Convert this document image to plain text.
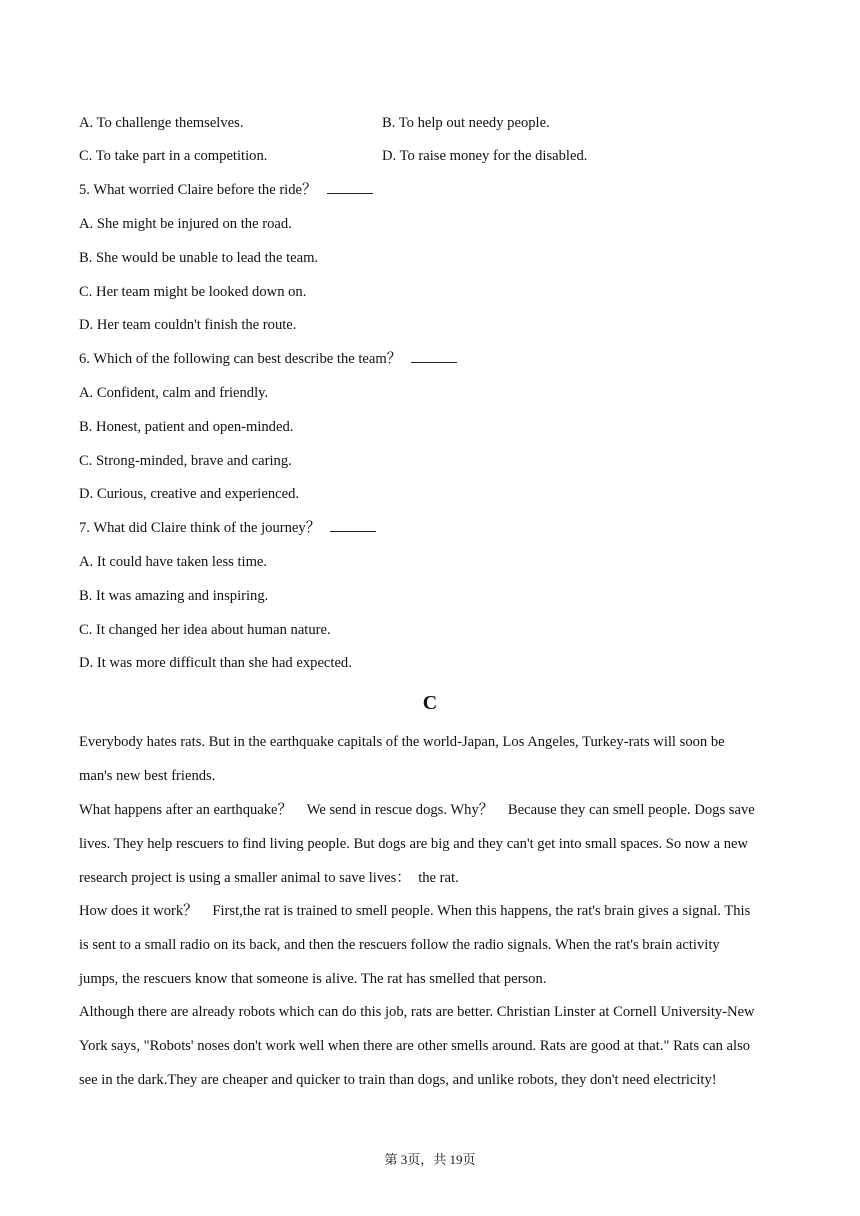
A. To challenge themselves.	B. To help out needy people.
C. To take part in a competition.	D. To raise money for the disabled.
5. What worried Claire before the ride？
A. She might be injured on the road.
B. She would be unable to lead the team.
C. Her team might be looked down on.
D. Her team couldn't finish the route.
6. Which of the following can best describe the team？
A. Confident, calm and friendly.
B. Honest, patient and open-minded.
C. Strong-minded, brave and caring.
D. Curious, creative and experienced.
7. What did Claire think of the journey？
A. It could have taken less time.
B. It was amazing and inspiring.
C. It changed her idea about human nature.
D. It was more difficult than she had expected.
C
Everybody hates rats. But in the earthquake capitals of the world-Japan, Los Angeles, Turkey-rats will soon be
man's new best friends.
What happens after an earthquake？　We send in rescue dogs. Why？　Because they can smell people. Dogs save
lives. They help rescuers to find living people. But dogs are big and they can't get into small spaces. So now a new
research project is using a smaller animal to save lives：　the rat.
How does it work？　First,the rat is trained to smell people. When this happens, the rat's brain gives a signal. This
is sent to a small radio on its back, and then the rescuers follow the radio signals. When the rat's brain activity
jumps, the rescuers know that someone is alive. The rat has smelled that person.
Although there are already robots which can do this job, rats are better. Christian Linster at Cornell University-New
York says, "Robots' noses don't work well when there are other smells around. Rats are good at that." Rats can also
see in the dark.They are cheaper and quicker to train than dogs, and unlike robots, they don't need electricity!
第 3页，共 19页
